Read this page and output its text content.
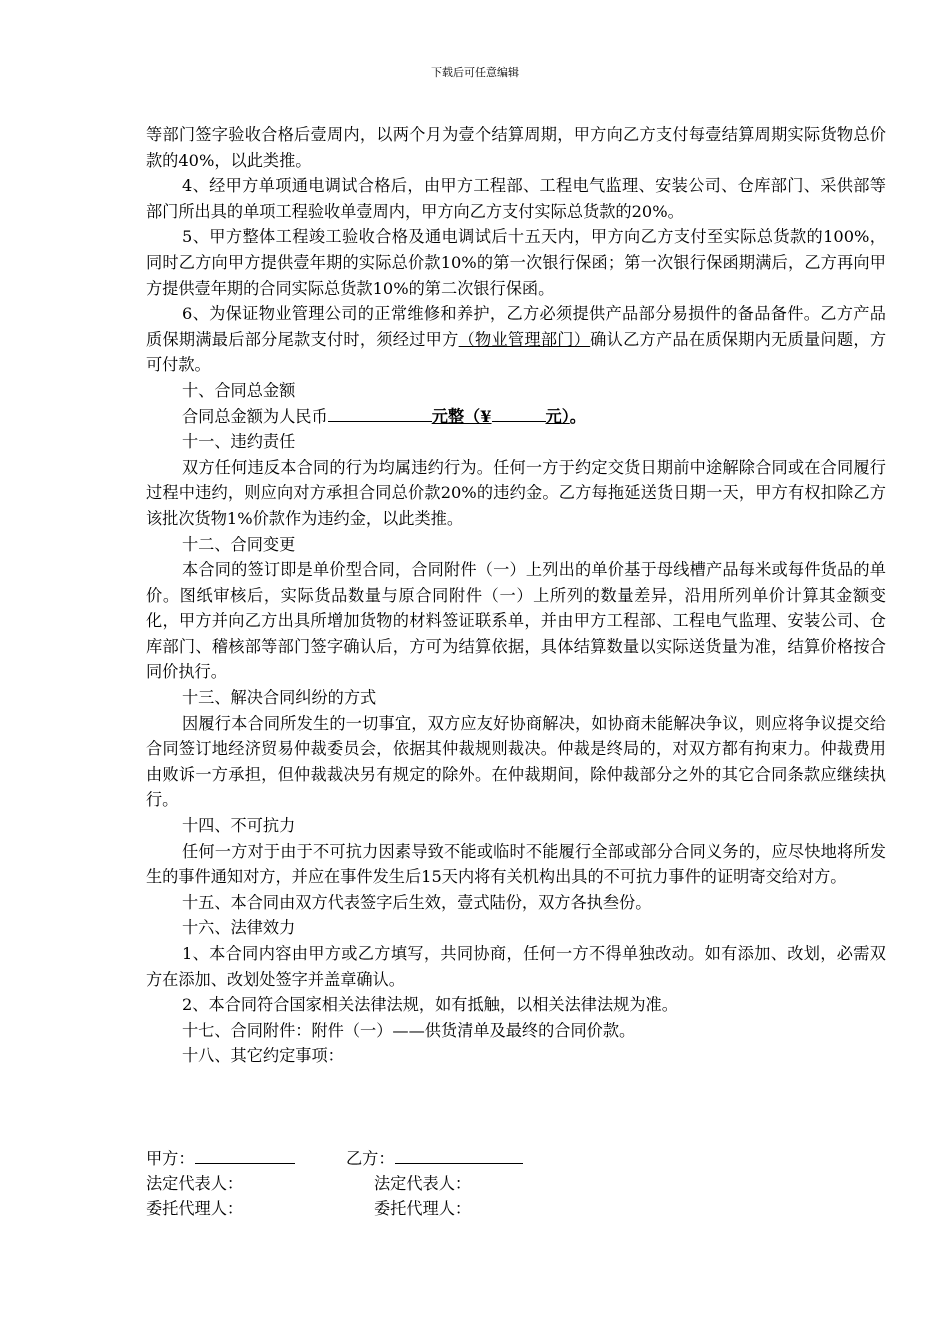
下载后可任意编辑

等部门签字验收合格后壹周内，以两个月为壹个结算周期，甲方向乙方支付每壹结算周期实际货物总价款的40%，以此类推。

4、经甲方单项通电调试合格后，由甲方工程部、工程电气监理、安装公司、仓库部门、采供部等部门所出具的单项工程验收单壹周内，甲方向乙方支付实际总货款的20%。

5、甲方整体工程竣工验收合格及通电调试后十五天内，甲方向乙方支付至实际总货款的100%，同时乙方向甲方提供壹年期的实际总价款10%的第一次银行保函；第一次银行保函期满后，乙方再向甲方提供壹年期的合同实际总货款10%的第二次银行保函。

6、为保证物业管理公司的正常维修和养护，乙方必须提供产品部分易损件的备品备件。乙方产品质保期满最后部分尾款支付时，须经过甲方（物业管理部门）确认乙方产品在质保期内无质量问题，方可付款。

十、合同总金额

合同总金额为人民币	元整（¥	元）。

十一、违约责任

双方任何违反本合同的行为均属违约行为。任何一方于约定交货日期前中途解除合同或在合同履行过程中违约，则应向对方承担合同总价款20%的违约金。乙方每拖延送货日期一天，甲方有权扣除乙方该批次货物1%价款作为违约金，以此类推。

十二、合同变更

本合同的签订即是单价型合同，合同附件（一）上列出的单价基于母线槽产品每米或每件货品的单价。图纸审核后，实际货品数量与原合同附件（一）上所列的数量差异，沿用所列单价计算其金额变化，甲方并向乙方出具所增加货物的材料签证联系单，并由甲方工程部、工程电气监理、安装公司、仓库部门、稽核部等部门签字确认后，方可为结算依据，具体结算数量以实际送货量为准，结算价格按合同价执行。

十三、解决合同纠纷的方式

因履行本合同所发生的一切事宜，双方应友好协商解决，如协商未能解决争议，则应将争议提交给合同签订地经济贸易仲裁委员会，依据其仲裁规则裁决。仲裁是终局的，对双方都有拘束力。仲裁费用由败诉一方承担，但仲裁裁决另有规定的除外。在仲裁期间，除仲裁部分之外的其它合同条款应继续执行。

十四、不可抗力

任何一方对于由于不可抗力因素导致不能或临时不能履行全部或部分合同义务的，应尽快地将所发生的事件通知对方，并应在事件发生后15天内将有关机构出具的不可抗力事件的证明寄交给对方。

十五、本合同由双方代表签字后生效，壹式陆份，双方各执叁份。

十六、法律效力

1、本合同内容由甲方或乙方填写，共同协商，任何一方不得单独改动。如有添加、改划，必需双方在添加、改划处签字并盖章确认。

2、本合同符合国家相关法律法规，如有抵触，以相关法律法规为准。

十七、合同附件：附件（一）——供货清单及最终的合同价款。

十八、其它约定事项：

甲方：	乙方：
法定代表人：	法定代表人：
委托代理人：	委托代理人：
